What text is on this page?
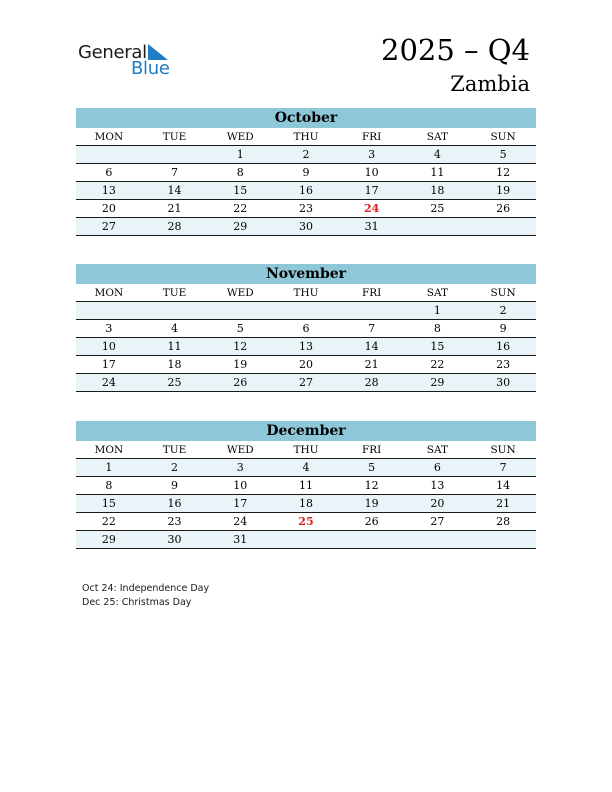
General
Blue
2025 – Q4
Zambia
October
MON	TUE	WED	THU	FRI	SAT	SUN
		1	2	3	4	5
6	7	8	9	10	11	12
13	14	15	16	17	18	19
20	21	22	23	24	25	26
27	28	29	30	31		
November
MON	TUE	WED	THU	FRI	SAT	SUN
					1	2
3	4	5	6	7	8	9
10	11	12	13	14	15	16
17	18	19	20	21	22	23
24	25	26	27	28	29	30
December
MON	TUE	WED	THU	FRI	SAT	SUN
1	2	3	4	5	6	7
8	9	10	11	12	13	14
15	16	17	18	19	20	21
22	23	24	25	26	27	28
29	30	31				
Oct 24: Independence Day
Dec 25: Christmas Day
